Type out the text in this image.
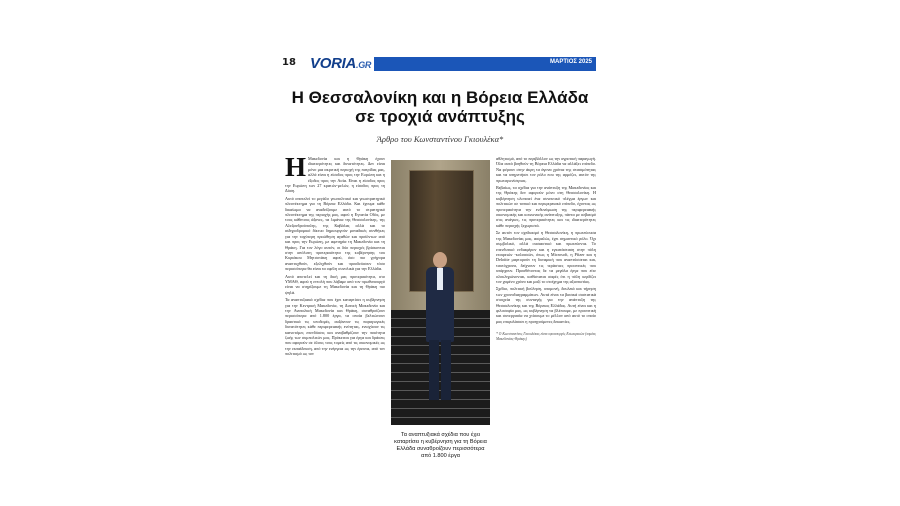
18 VORIA.GR	ΜΑΡΤΙΟΣ 2025
Η Θεσσαλονίκη και η Βόρεια Ελλάδα
σε τροχιά ανάπτυξης
Άρθρο του Κωνσταντίνου Γκιουλέκα*
Η Μακεδονία και η Θράκη έχουν ιδιαιτερότητες και δυνατότητες. Δεν είναι μόνο μια ακριτική περιοχή της πατρίδας μας, αλλά είναι η είσοδος προς την Ευρώπη και η έξοδος προς την Ασία. Είναι η είσοδος προς την Ευρώπη των 27 κρατών-μελών, η είσοδος προς τη Δύση.

Αυτό αποτελεί το μεγάλο γεωπολιτικό και γεωστρατηγικό πλεονέκτημα για τη Βόρεια Ελλάδα. Και έχουμε κάθε δικαίωμα να αναδείξουμε αυτό το στρατηγικό πλεονέκτημα της περιοχής μας, αφού η Εγνατία Οδός, με τους κάθετους άξονες, τα λιμάνια της Θεσσαλονίκης, της Αλεξανδρούπολης, της Καβάλας αλλά και το σιδηροδρομικό δίκτυο δημιουργούν μοναδικές συνθήκες για την ταχύτερη προώθηση αγαθών και προϊόντων από και προς την Ευρώπη, με αφετηρία τη Μακεδονία και τη Θράκη. Για τον λόγο αυτόν, οι δύο περιοχές βρίσκονται στην απόλυτη προτεραιότητα της κυβέρνησης του Κυριάκου Μητσοτάκη αφού, όσο πιο γρήγορα αναπτυχθούν, εξελιχθούν και προοδεύσουν τόσο περισσότερα θα είναι τα οφέλη συνολικά για την Ελλάδα.

Αυτό αποτελεί και τη δική μας προτεραιότητα, στο ΥΜΑΘ, αφού η εντολή που λάβαμε από τον πρωθυπουργό είναι να στηρίξουμε τη Μακεδονία και τη Θράκη πιο ψηλά.

Τα αναπτυξιακά σχέδια που έχει καταρτίσει η κυβέρνηση για την Κεντρική Μακεδονία, τη Δυτική Μακεδονία και την Ανατολική Μακεδονία και Θράκη, συναθροίζουν περισσότερα από 1.800 έργα, τα οποία βελτιώνουν δραστικά τις υποδομές, αυξάνουν τις παραγωγικές δυνατότητες κάθε περιφερειακής ενότητας, ενισχύουν τις καινοτόμες επενδύσεις και αναβαθμίζουν την ποιότητα ζωής των συμπολιτών μας. Πρόκειται για έργα και δράσεις που αφορούν σε όλους τους τομείς από τις οικονομικές ως την εκπαίδευση, από την ενέργεια ως την έρευνα, από τον πολιτισμό ως τον

Τα αναπτυξιακά σχέδια που έχει καταρτίσει η κυβέρνηση για τη Βόρεια Ελλάδα συναθροίζουν περισσότερα από 1.800 έργα

αθλητισμό, από το περιβάλλον ως την αγροτική παραγωγή. Όλα αυτά βοηθούν τη Βόρεια Ελλάδα να αλλάξει επίπεδο. Να φέρουν στην άκρη τα άγονα χρόνια της στασιμότητας και να υπηρετήσει τον ρόλο που της αρμόζει, αυτόν της πρωταγωνίστριας.

Βεβαίως, τα σχέδια για την ανάπτυξη της Μακεδονίας και της Θράκης δεν αφορούν μόνο στη Θεσσαλονίκη. Η κυβέρνηση υλοποιεί ένα συνεκτικό πλέγμα έργων και πολιτικών σε τοπικό και περιφερειακό επίπεδο, έχοντας ως προτεραιότητα την ενδυνάμωση της περιφερειακής οικονομικής και κοινωνικής ανάπτυξης, πάντα με σεβασμό στις ανάγκες, τις προτεραιότητες και τις ιδιαιτερότητες κάθε περιοχής ξεχωριστά.

Σε αυτόν τον σχεδιασμό η Θεσσαλονίκη, η πρωτεύουσα της Μακεδονίας μας, ασφαλώς, έχει σημαντικό ρόλο. Όχι συμβολικό, αλλά ουσιαστικό και πρωτεύοντα. Το επενδυτικό ενδιαφέρον και η εγκατάσταση στην πόλη εταιρειών -κολοσσών, όπως η Microsoft, η Pfizer και η Deloitte μαρτυρούν τη δυναμική που αναπτύσσεται και, ταυτόχρονα, δείχνουν τις τεράστιες προοπτικές που υπάρχουν. Προσθέτοντας δε τα μεγάλα έργα που είτε ολοκληρώνονται, καθίσταται σαφές ότι η πόλη κερδίζει τον χαμένο χρόνο και μαζί το στοίχημα της αξιοπιστίας.

Σχέδιο, πολιτική βούληση, υπομονή, δουλειά και τήρηση των χρονοδιαγραμμάτων. Αυτά είναι τα βασικά συστατικά στοιχεία της συνταγής για την ανάπτυξη της Θεσσαλονίκης και της Βόρειας Ελλάδας. Αυτή είναι και η φιλοσοφία μας, ως κυβέρνηση να βλέπουμε, με προοπτική και συνεργασία να χτίσουμε το μέλλον από αυτό το οποίο μας επιφυλάσσει η προηγούμενες δεκαετίες.

* Ο Κωνσταντίνος Γκιουλέκας είναι υφυπουργός Εσωτερικών (τομέας Μακεδονίας-Θράκης)
